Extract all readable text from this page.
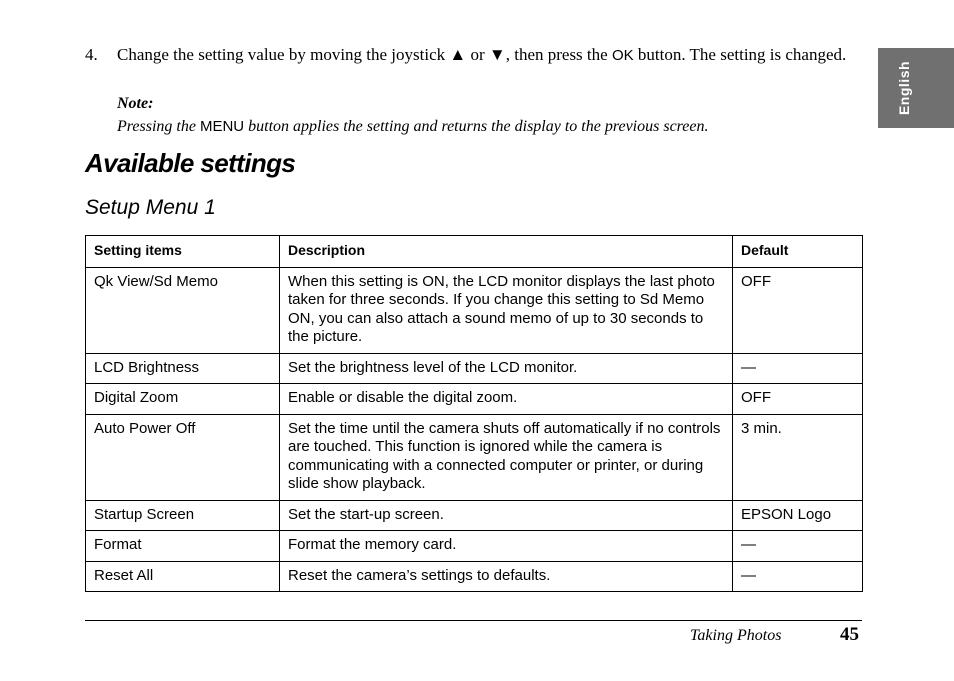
English
4. Change the setting value by moving the joystick ▲ or ▼, then press the OK button. The setting is changed.
Note:
Pressing the MENU button applies the setting and returns the display to the previous screen.
Available settings
Setup Menu 1
Setting items	Description	Default
Qk View/Sd Memo	When this setting is ON, the LCD monitor displays the last photo taken for three seconds. If you change this setting to Sd Memo ON, you can also attach a sound memo of up to 30 seconds to the picture.	OFF
LCD Brightness	Set the brightness level of the LCD monitor.	—
Digital Zoom	Enable or disable the digital zoom.	OFF
Auto Power Off	Set the time until the camera shuts off automatically if no controls are touched. This function is ignored while the camera is communicating with a connected computer or printer, or during slide show playback.	3 min.
Startup Screen	Set the start-up screen.	EPSON Logo
Format	Format the memory card.	—
Reset All	Reset the camera’s settings to defaults.	—
Taking Photos	45
